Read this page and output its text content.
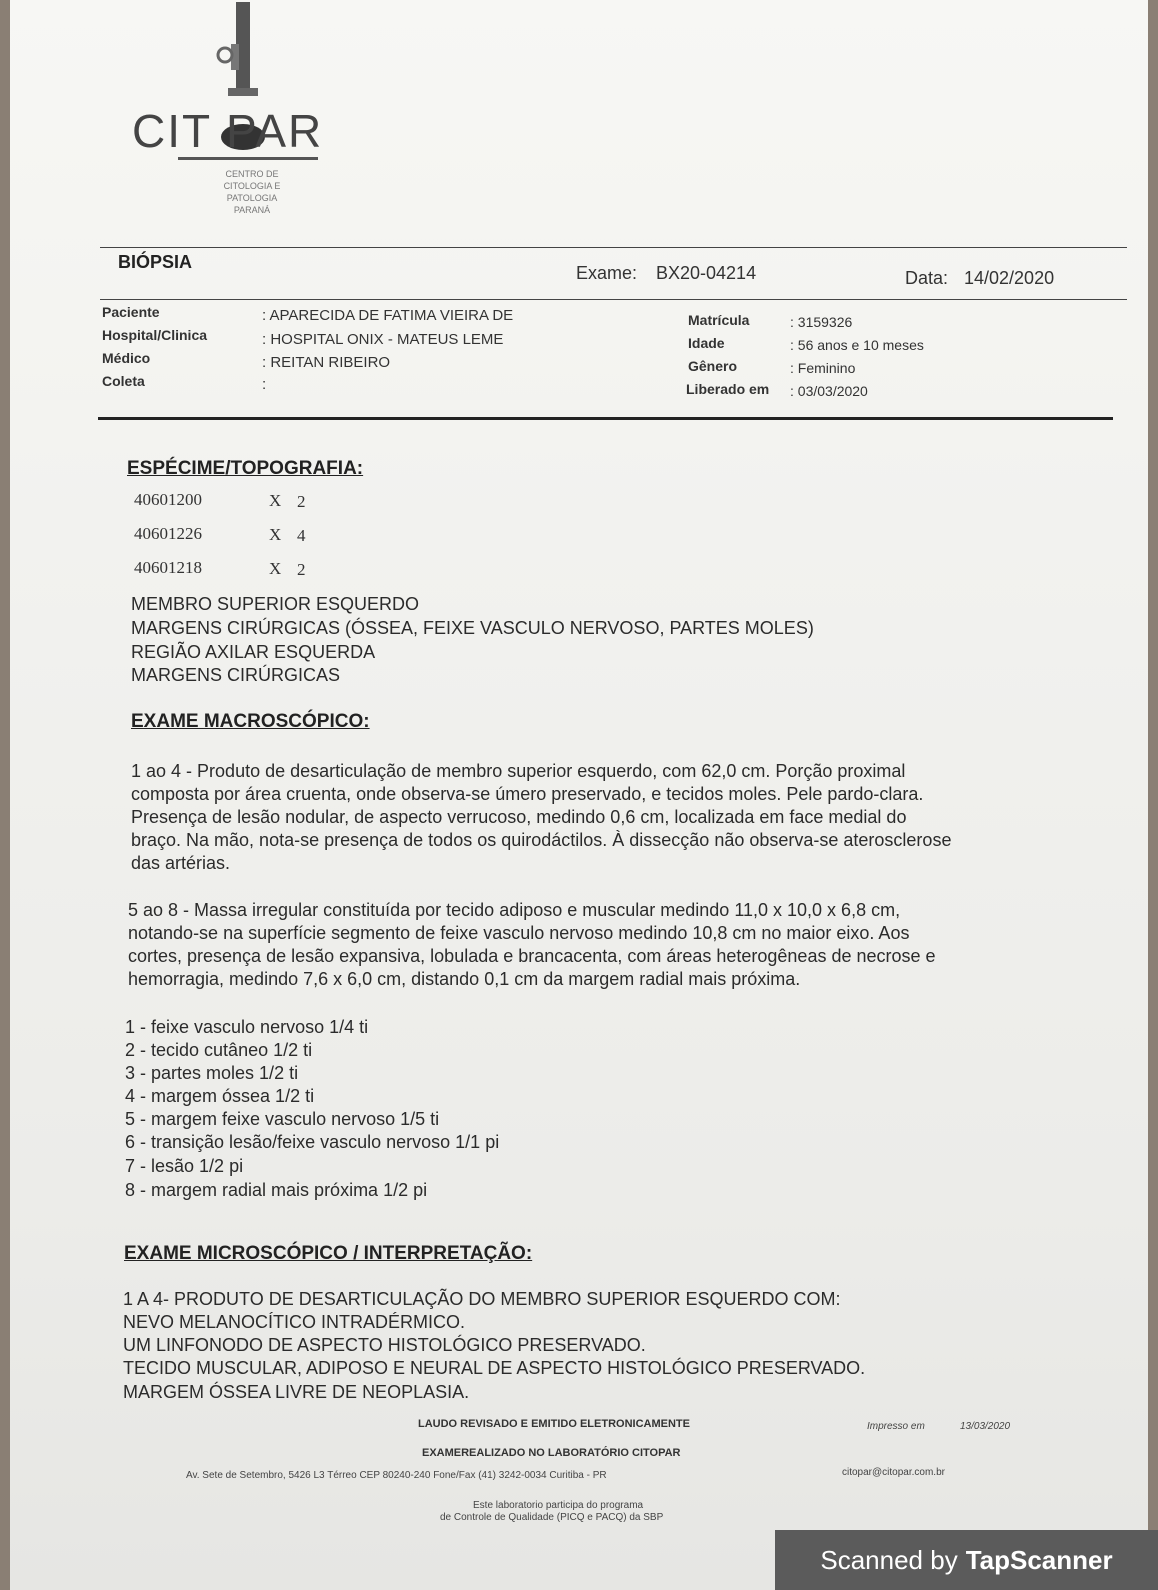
CIT PAR
CENTRO DE
CITOLOGIA E
PATOLOGIA
PARANÁ
BIÓPSIA
Exame: BX20-04214	Data: 14/02/2020
Paciente	: APARECIDA DE FATIMA VIEIRA DE
Hospital/Clinica	: HOSPITAL ONIX - MATEUS LEME
Médico	: REITAN RIBEIRO
Coleta	:
Matrícula	: 3159326
Idade	: 56 anos e 10 meses
Gênero	: Feminino
Liberado em : 03/03/2020
ESPÉCIME/TOPOGRAFIA:
40601200	X 2
40601226	X 4
40601218	X 2
MEMBRO SUPERIOR ESQUERDO
MARGENS CIRÚRGICAS (ÓSSEA, FEIXE VASCULO NERVOSO, PARTES MOLES)
REGIÃO AXILAR ESQUERDA
MARGENS CIRÚRGICAS
EXAME MACROSCÓPICO:
1 ao 4 - Produto de desarticulação de membro superior esquerdo, com 62,0 cm. Porção proximal
composta por área cruenta, onde observa-se úmero preservado, e tecidos moles. Pele pardo-clara.
Presença de lesão nodular, de aspecto verrucoso, medindo 0,6 cm, localizada em face medial do
braço. Na mão, nota-se presença de todos os quirodáctilos. À dissecção não observa-se aterosclerose
das artérias.
5 ao 8 - Massa irregular constituída por tecido adiposo e muscular medindo 11,0 x 10,0 x 6,8 cm,
notando-se na superfície segmento de feixe vasculo nervoso medindo 10,8 cm no maior eixo. Aos
cortes, presença de lesão expansiva, lobulada e brancacenta, com áreas heterogêneas de necrose e
hemorragia, medindo 7,6 x 6,0 cm, distando 0,1 cm da margem radial mais próxima.
1 - feixe vasculo nervoso 1/4 ti
2 - tecido cutâneo 1/2 ti
3 - partes moles 1/2 ti
4 - margem óssea 1/2 ti
5 - margem feixe vasculo nervoso 1/5 ti
6 - transição lesão/feixe vasculo nervoso 1/1 pi
7 - lesão 1/2 pi
8 - margem radial mais próxima 1/2 pi
EXAME MICROSCÓPICO / INTERPRETAÇÃO:
1 A 4- PRODUTO DE DESARTICULAÇÃO DO MEMBRO SUPERIOR ESQUERDO COM:
NEVO MELANOCÍTICO INTRADÉRMICO.
UM LINFONODO DE ASPECTO HISTOLÓGICO PRESERVADO.
TECIDO MUSCULAR, ADIPOSO E NEURAL DE ASPECTO HISTOLÓGICO PRESERVADO.
MARGEM ÓSSEA LIVRE DE NEOPLASIA.
LAUDO REVISADO E EMITIDO ELETRONICAMENTE	Impresso em	13/03/2020
EXAMEREALIZADO NO LABORATÓRIO CITOPAR
Av. Sete de Setembro, 5426 L3 Térreo CEP 80240-240 Fone/Fax (41) 3242-0034 Curitiba - PR	citopar@citopar.com.br
Este laboratorio participa do programa
de Controle de Qualidade (PICQ e PACQ) da SBP
Scanned by TapScanner
